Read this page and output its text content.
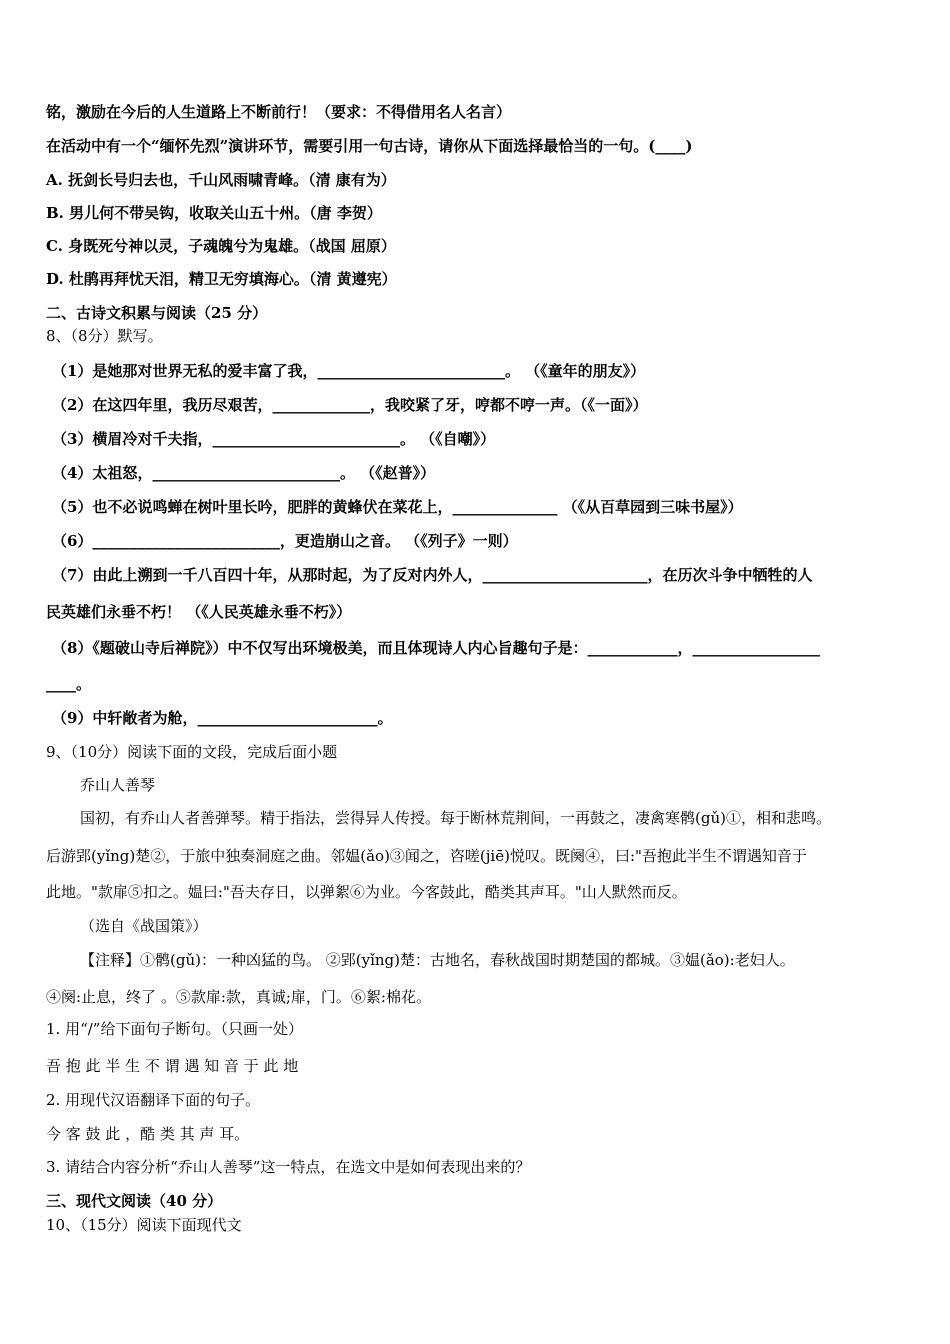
铭，激励在今后的人生道路上不断前行！（要求：不得借用名人名言）
在活动中有一个“缅怀先烈”演讲环节，需要引用一句古诗，请你从下面选择最恰当的一句。(____)
A. 抚剑长号归去也，千山风雨啸青峰。（清 康有为）
B. 男儿何不带吴钩，收取关山五十州。（唐 李贺）
C. 身既死兮神以灵，子魂魄兮为鬼雄。（战国 屈原）
D. 杜鹃再拜忧天泪，精卫无穷填海心。（清 黄遵宪）
二、古诗文积累与阅读（25 分）
8、（8分）默写。
（1）是她那对世界无私的爱丰富了我，_________________________。 （《童年的朋友》）
（2）在这四年里，我历尽艰苦，_____________，我咬紧了牙，哼都不哼一声。（《一面》）
（3）横眉冷对千夫指，_________________________。 （《自嘲》）
（4）太祖怒，_________________________。 （《赵普》）
（5）也不必说鸣蝉在树叶里长吟，肥胖的黄蜂伏在菜花上，______________ （《从百草园到三味书屋》）
（6）_________________________，更造崩山之音。 （《列子》一则）
（7）由此上溯到一千八百四十年，从那时起，为了反对内外人，______________________，在历次斗争中牺牲的人
民英雄们永垂不朽！ （《人民英雄永垂不朽》）
（8）《题破山寺后禅院》）中不仅写出环境极美，而且体现诗人内心旨趣句子是：____________，_________________
____。
（9）中轩敞者为舱，________________________。
9、（10分）阅读下面的文段，完成后面小题
乔山人善琴
国初，有乔山人者善弹琴。精于指法，尝得异人传授。每于断林荒荆间，一再鼓之，凄禽寒鹘(gǔ)①，相和悲鸣。
后游郢(yǐng)楚②，于旅中独奏洞庭之曲。邻媪(ǎo)③闻之，咨嗟(jiē)悦叹。既阕④，曰:"吾抱此半生不谓遇知音于
此地。"款扉⑤扣之。媪曰:"吾夫存日，以弹絮⑥为业。今客鼓此，酷类其声耳。"山人默然而反。
（选自《战国策》）
【注释】①鹘(gǔ)：一种凶猛的鸟。 ②郢(yǐng)楚：古地名，春秋战国时期楚国的都城。③媪(ǎo):老妇人。
④阕:止息，终了 。⑤款扉:款，真诚;扉，门。⑥絮:棉花。
1. 用“/”给下面句子断句。（只画一处）
吾 抱 此 半 生 不 谓 遇 知 音 于 此 地
2. 用现代汉语翻译下面的句子。
今 客 鼓 此 ，酷 类 其 声 耳。
3. 请结合内容分析“乔山人善琴”这一特点，在选文中是如何表现出来的？
三、现代文阅读（40 分）
10、（15分）阅读下面现代文
